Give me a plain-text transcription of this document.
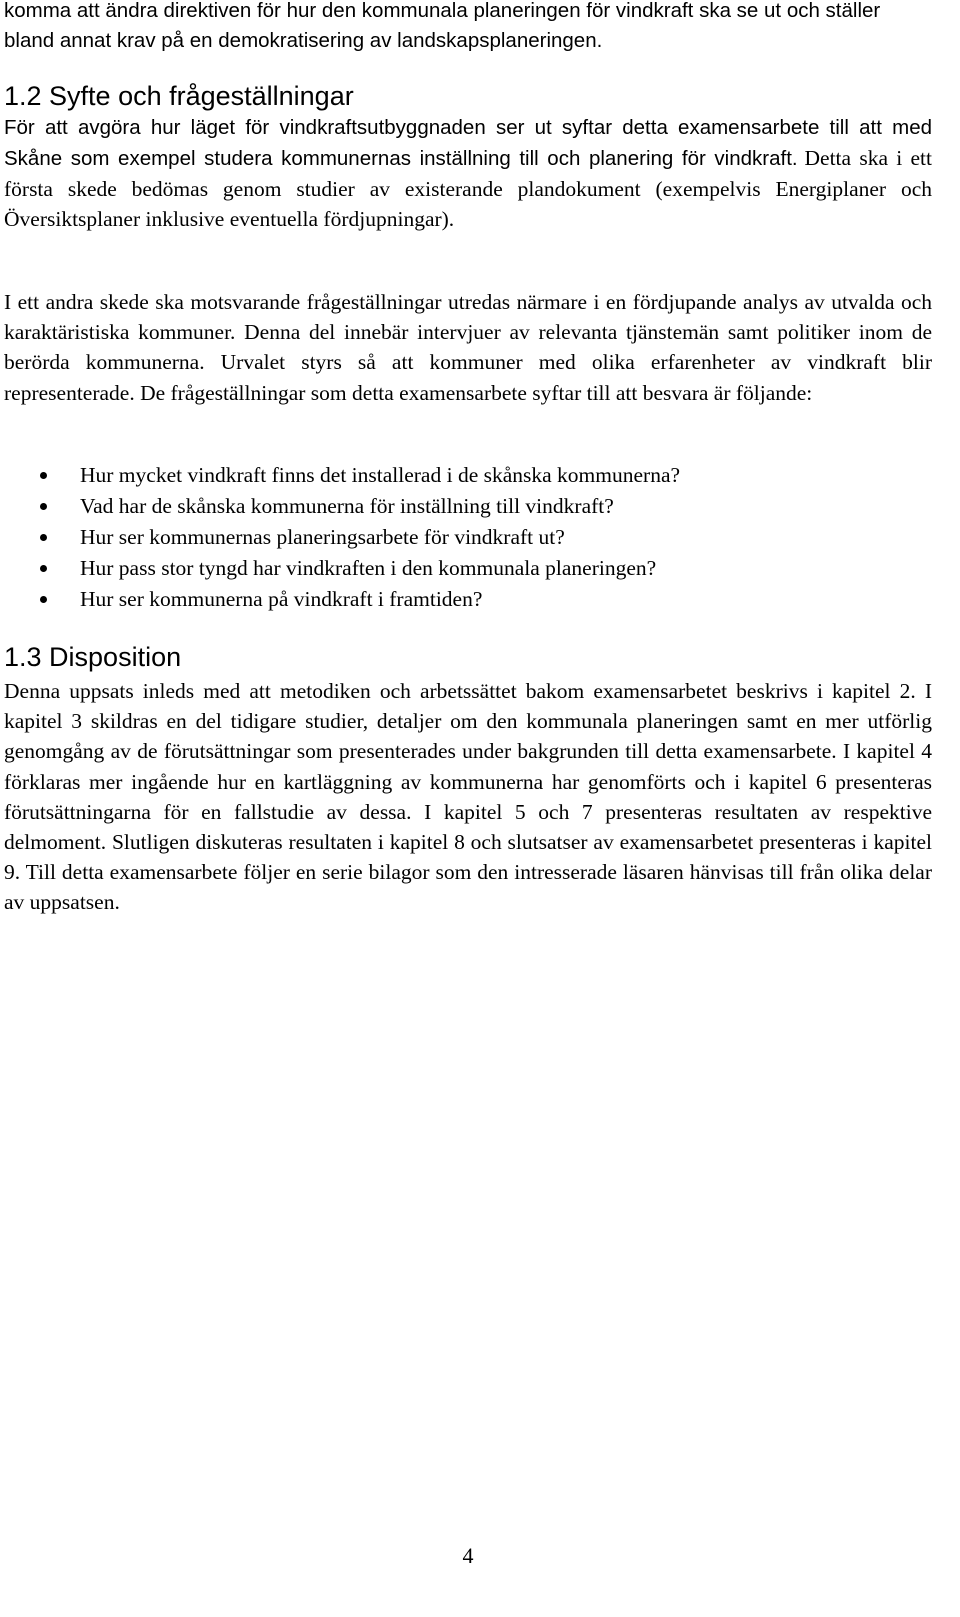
komma att ändra direktiven för hur den kommunala planeringen för vindkraft ska se ut och ställer bland annat krav på en demokratisering av landskapsplaneringen.

1.2 Syfte och frågeställningar

För att avgöra hur läget för vindkraftsutbyggnaden ser ut syftar detta examensarbete till att med Skåne som exempel studera kommunernas inställning till och planering för vindkraft. Detta ska i ett första skede bedömas genom studier av existerande plandokument (exempelvis Energiplaner och Översiktsplaner inklusive eventuella fördjupningar).

I ett andra skede ska motsvarande frågeställningar utredas närmare i en fördjupande analys av utvalda och karaktäristiska kommuner. Denna del innebär intervjuer av relevanta tjänstemän samt politiker inom de berörda kommunerna. Urvalet styrs så att kommuner med olika erfarenheter av vindkraft blir representerade. De frågeställningar som detta examensarbete syftar till att besvara är följande:

Hur mycket vindkraft finns det installerad i de skånska kommunerna?
Vad har de skånska kommunerna för inställning till vindkraft?
Hur ser kommunernas planeringsarbete för vindkraft ut?
Hur pass stor tyngd har vindkraften i den kommunala planeringen?
Hur ser kommunerna på vindkraft i framtiden?
1.3 Disposition

Denna uppsats inleds med att metodiken och arbetssättet bakom examensarbetet beskrivs i kapitel 2. I kapitel 3 skildras en del tidigare studier, detaljer om den kommunala planeringen samt en mer utförlig genomgång av de förutsättningar som presenterades under bakgrunden till detta examensarbete. I kapitel 4 förklaras mer ingående hur en kartläggning av kommunerna har genomförts och i kapitel 6 presenteras förutsättningarna för en fallstudie av dessa. I kapitel 5 och 7 presenteras resultaten av respektive delmoment. Slutligen diskuteras resultaten i kapitel 8 och slutsatser av examensarbetet presenteras i kapitel 9. Till detta examensarbete följer en serie bilagor som den intresserade läsaren hänvisas till från olika delar av uppsatsen.

4
